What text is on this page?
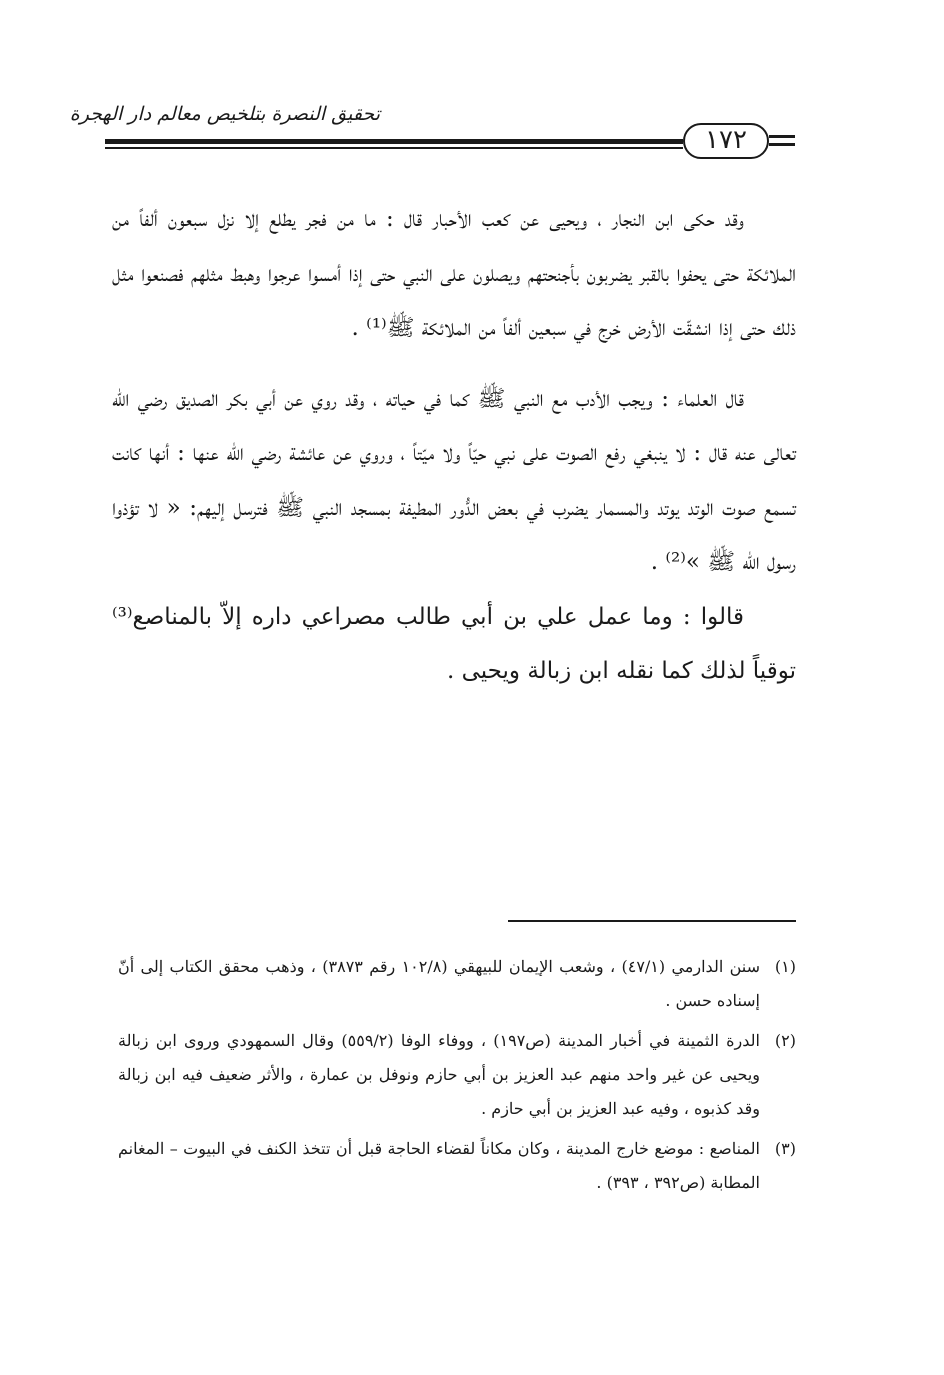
تحقيق النصرة بتلخيص معالم دار الهجرة
١٧٢

وقد حكى ابن النجار ، ويحيى عن كعب الأحبار قال : ما من فجر يطلع إلا نزل سبعون ألفاً من الملائكة حتى يحفوا بالقبر يضربون بأجنحتهم ويصلون على النبي حتى إذا أمسوا عرجوا وهبط مثلهم فصنعوا مثل ذلك حتى إذا انشقّت الأرض خرج في سبعين ألفاً من الملائكة ﷺ⁽¹⁾ .

قال العلماء : ويجب الأدب مع النبي ﷺ كما في حياته ، وقد روي عن أبي بكر الصديق رضي الله تعالى عنه قال : لا ينبغي رفع الصوت على نبي حيّاً ولا ميّتاً ، وروي عن عائشة رضي الله عنها : أنها كانت تسمع صوت الوتد يوتد والمسمار يضرب في بعض الدُّور المطيفة بمسجد النبي ﷺ فترسل إليهم: « لا تؤذوا رسول الله ﷺ »⁽²⁾ .

قالوا : وما عمل علي بن أبي طالب مصراعي داره إلاّ بالمناصع⁽³⁾ توقياً لذلك كما نقله ابن زبالة ويحيى .

(١)
سنن الدارمي (٤٧/١) ، وشعب الإيمان للبيهقي (١٠٢/٨ رقم ٣٨٧٣) ، وذهب محقق الكتاب إلى أنّ إسناده حسن .
(٢)
الدرة الثمينة في أخبار المدينة (ص١٩٧) ، ووفاء الوفا (٥٥٩/٢) وقال السمهودي وروى ابن زبالة ويحيى عن غير واحد منهم عبد العزيز بن أبي حازم ونوفل بن عمارة ، والأثر ضعيف فيه ابن زبالة وقد كذبوه ، وفيه عبد العزيز بن أبي حازم .
(٣)
المناصع : موضع خارج المدينة ، وكان مكاناً لقضاء الحاجة قبل أن تتخذ الكنف في البيوت – المغانم المطابة (ص٣٩٢ ، ٣٩٣) .
